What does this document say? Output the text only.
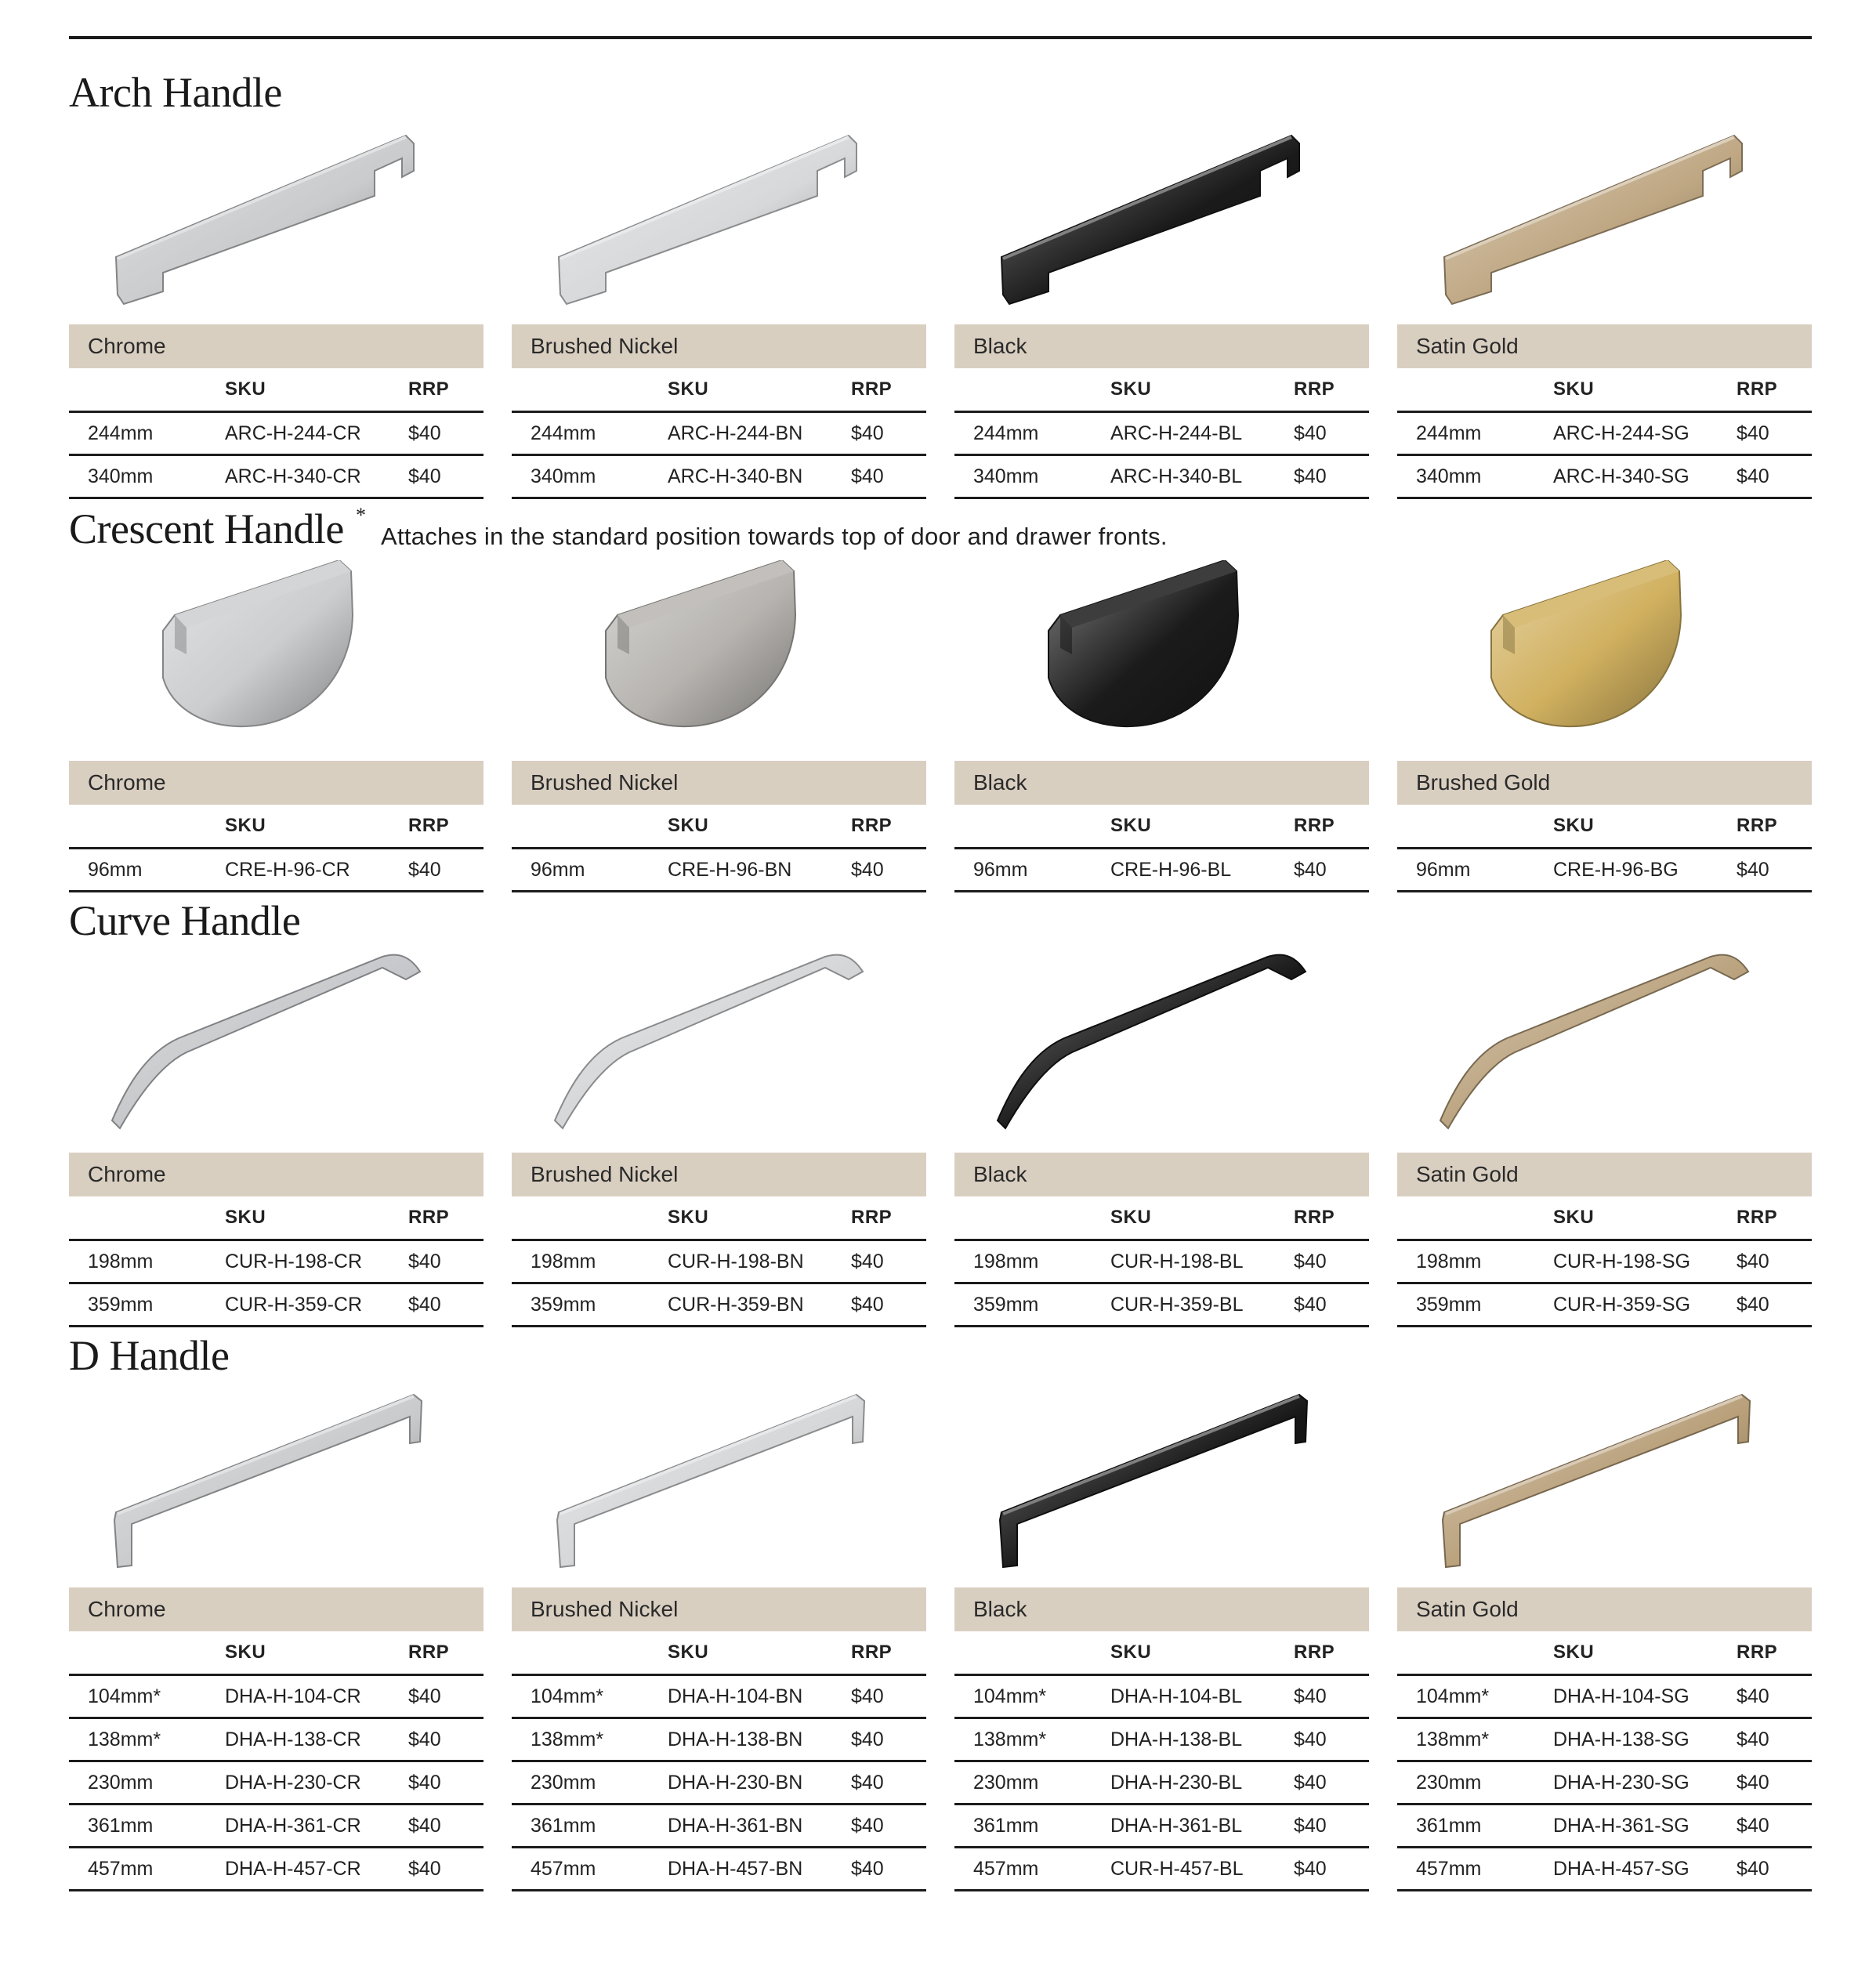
Arch Handle
Chrome
	SKU	RRP
244mm	ARC-H-244-CR	$40
340mm	ARC-H-340-CR	$40
Brushed Nickel
	SKU	RRP
244mm	ARC-H-244-BN	$40
340mm	ARC-H-340-BN	$40
Black
	SKU	RRP
244mm	ARC-H-244-BL	$40
340mm	ARC-H-340-BL	$40
Satin Gold
	SKU	RRP
244mm	ARC-H-244-SG	$40
340mm	ARC-H-340-SG	$40
Crescent Handle *
Attaches in the standard position towards top of door and drawer fronts.
Chrome
	SKU	RRP
96mm	CRE-H-96-CR	$40
Brushed Nickel
	SKU	RRP
96mm	CRE-H-96-BN	$40
Black
	SKU	RRP
96mm	CRE-H-96-BL	$40
Brushed Gold
	SKU	RRP
96mm	CRE-H-96-BG	$40
Curve Handle
Chrome
	SKU	RRP
198mm	CUR-H-198-CR	$40
359mm	CUR-H-359-CR	$40
Brushed Nickel
	SKU	RRP
198mm	CUR-H-198-BN	$40
359mm	CUR-H-359-BN	$40
Black
	SKU	RRP
198mm	CUR-H-198-BL	$40
359mm	CUR-H-359-BL	$40
Satin Gold
	SKU	RRP
198mm	CUR-H-198-SG	$40
359mm	CUR-H-359-SG	$40
D Handle
Chrome
	SKU	RRP
104mm*	DHA-H-104-CR	$40
138mm*	DHA-H-138-CR	$40
230mm	DHA-H-230-CR	$40
361mm	DHA-H-361-CR	$40
457mm	DHA-H-457-CR	$40
Brushed Nickel
	SKU	RRP
104mm*	DHA-H-104-BN	$40
138mm*	DHA-H-138-BN	$40
230mm	DHA-H-230-BN	$40
361mm	DHA-H-361-BN	$40
457mm	DHA-H-457-BN	$40
Black
	SKU	RRP
104mm*	DHA-H-104-BL	$40
138mm*	DHA-H-138-BL	$40
230mm	DHA-H-230-BL	$40
361mm	DHA-H-361-BL	$40
457mm	CUR-H-457-BL	$40
Satin Gold
	SKU	RRP
104mm*	DHA-H-104-SG	$40
138mm*	DHA-H-138-SG	$40
230mm	DHA-H-230-SG	$40
361mm	DHA-H-361-SG	$40
457mm	DHA-H-457-SG	$40
